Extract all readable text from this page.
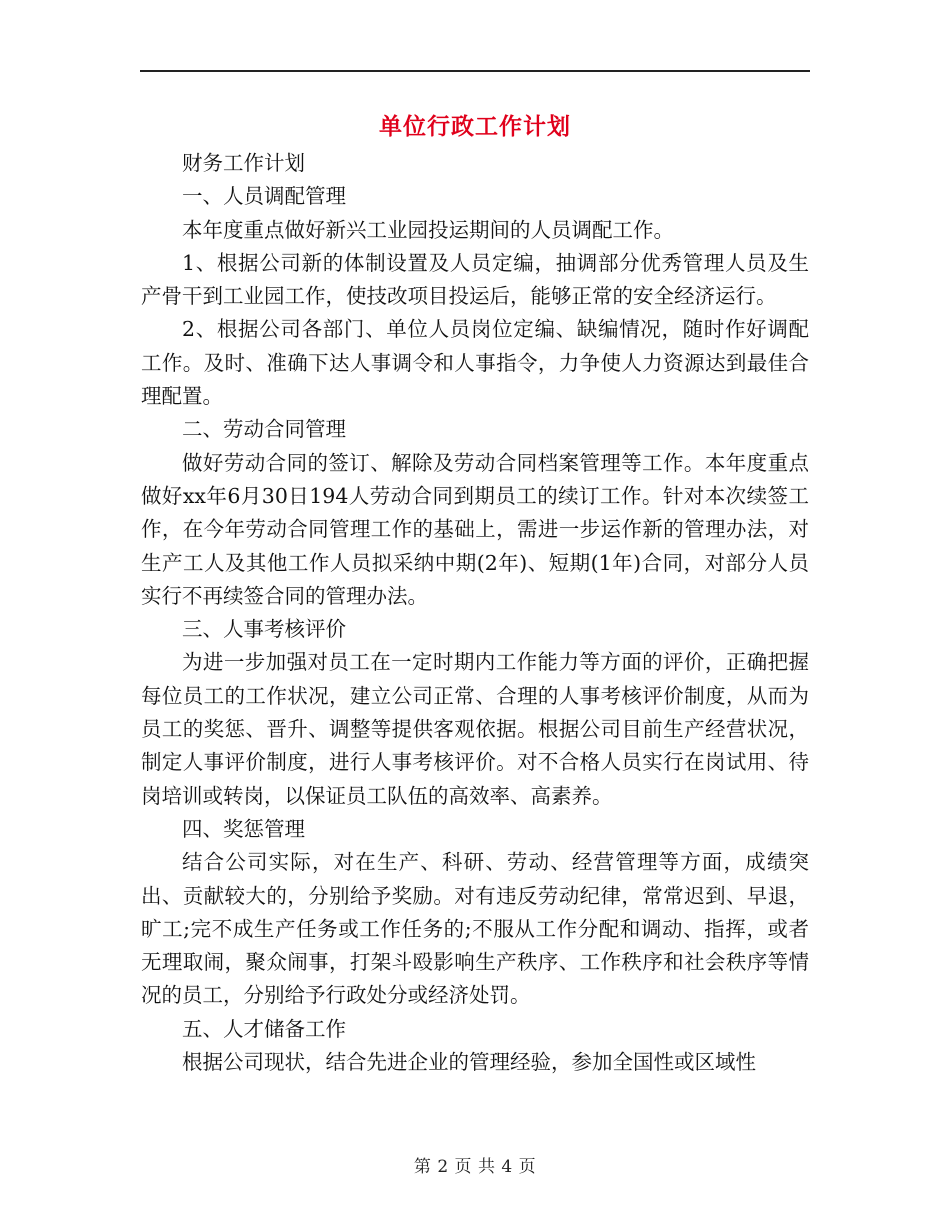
单位行政工作计划

财务工作计划

一、人员调配管理

本年度重点做好新兴工业园投运期间的人员调配工作。

1、根据公司新的体制设置及人员定编，抽调部分优秀管理人员及生产骨干到工业园工作，使技改项目投运后，能够正常的安全经济运行。

2、根据公司各部门、单位人员岗位定编、缺编情况，随时作好调配工作。及时、准确下达人事调令和人事指令，力争使人力资源达到最佳合理配置。

二、劳动合同管理

做好劳动合同的签订、解除及劳动合同档案管理等工作。本年度重点做好xx年6月30日194人劳动合同到期员工的续订工作。针对本次续签工作，在今年劳动合同管理工作的基础上，需进一步运作新的管理办法，对生产工人及其他工作人员拟采纳中期(2年)、短期(1年)合同，对部分人员实行不再续签合同的管理办法。

三、人事考核评价

为进一步加强对员工在一定时期内工作能力等方面的评价，正确把握每位员工的工作状况，建立公司正常、合理的人事考核评价制度，从而为员工的奖惩、晋升、调整等提供客观依据。根据公司目前生产经营状况，制定人事评价制度，进行人事考核评价。对不合格人员实行在岗试用、待岗培训或转岗，以保证员工队伍的高效率、高素养。

四、奖惩管理

结合公司实际，对在生产、科研、劳动、经营管理等方面，成绩突出、贡献较大的，分别给予奖励。对有违反劳动纪律，常常迟到、早退，旷工;完不成生产任务或工作任务的;不服从工作分配和调动、指挥，或者无理取闹，聚众闹事，打架斗殴影响生产秩序、工作秩序和社会秩序等情况的员工，分别给予行政处分或经济处罚。

五、人才储备工作

根据公司现状，结合先进企业的管理经验，参加全国性或区域性

第 2 页 共 4 页
